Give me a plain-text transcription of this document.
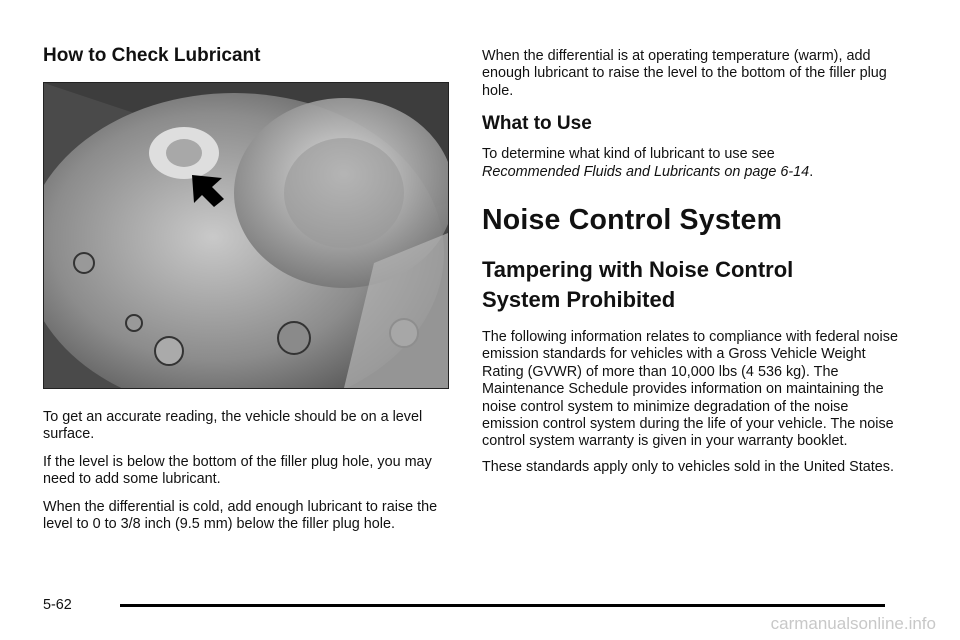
How to Check Lubricant

To get an accurate reading, the vehicle should be on a level surface.

If the level is below the bottom of the filler plug hole, you may need to add some lubricant.

When the differential is cold, add enough lubricant to raise the level to 0 to 3/8 inch (9.5 mm) below the filler plug hole.

When the differential is at operating temperature (warm), add enough lubricant to raise the level to the bottom of the filler plug hole.

What to Use

To determine what kind of lubricant to use see
Recommended Fluids and Lubricants on page 6-14.

Noise Control System
Tampering with Noise Control
System Prohibited

The following information relates to compliance with federal noise emission standards for vehicles with a Gross Vehicle Weight Rating (GVWR) of more than 10,000 lbs (4 536 kg). The Maintenance Schedule provides information on maintaining the noise control system to minimize degradation of the noise emission control system during the life of your vehicle. The noise control system warranty is given in your warranty booklet.

These standards apply only to vehicles sold in the United States.

5-62
carmanualsonline.info
